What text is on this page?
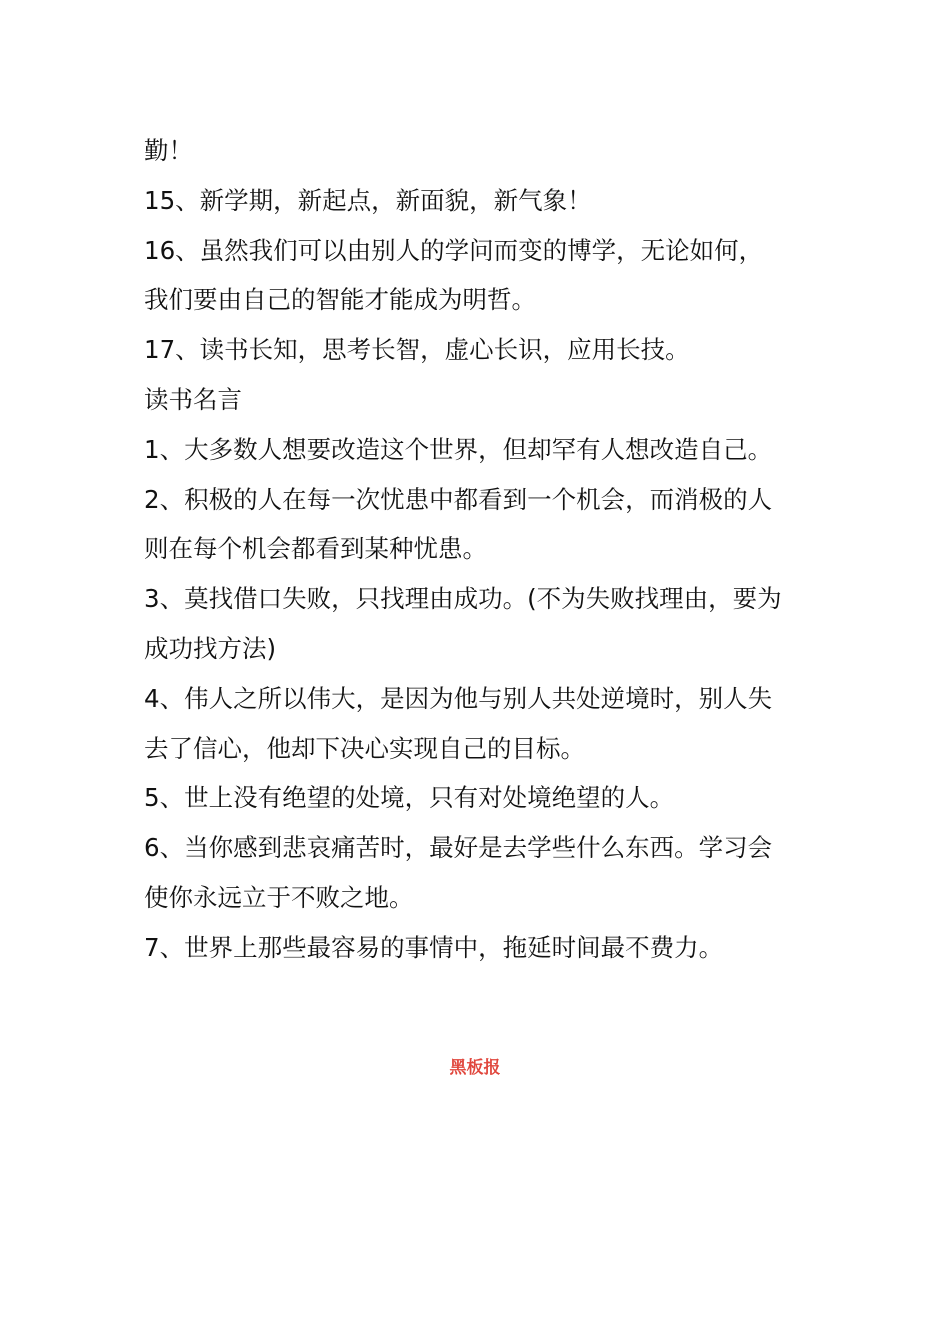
勤！
15、新学期，新起点，新面貌，新气象！
16、虽然我们可以由别人的学问而变的博学，无论如何，
我们要由自己的智能才能成为明哲。
17、读书长知，思考长智，虚心长识，应用长技。
读书名言
1、大多数人想要改造这个世界，但却罕有人想改造自己。
2、积极的人在每一次忧患中都看到一个机会，而消极的人
则在每个机会都看到某种忧患。
3、莫找借口失败，只找理由成功。(不为失败找理由，要为
成功找方法)
4、伟人之所以伟大，是因为他与别人共处逆境时，别人失
去了信心，他却下决心实现自己的目标。
5、世上没有绝望的处境，只有对处境绝望的人。
6、当你感到悲哀痛苦时，最好是去学些什么东西。学习会
使你永远立于不败之地。
7、世界上那些最容易的事情中，拖延时间最不费力。
黑板报
